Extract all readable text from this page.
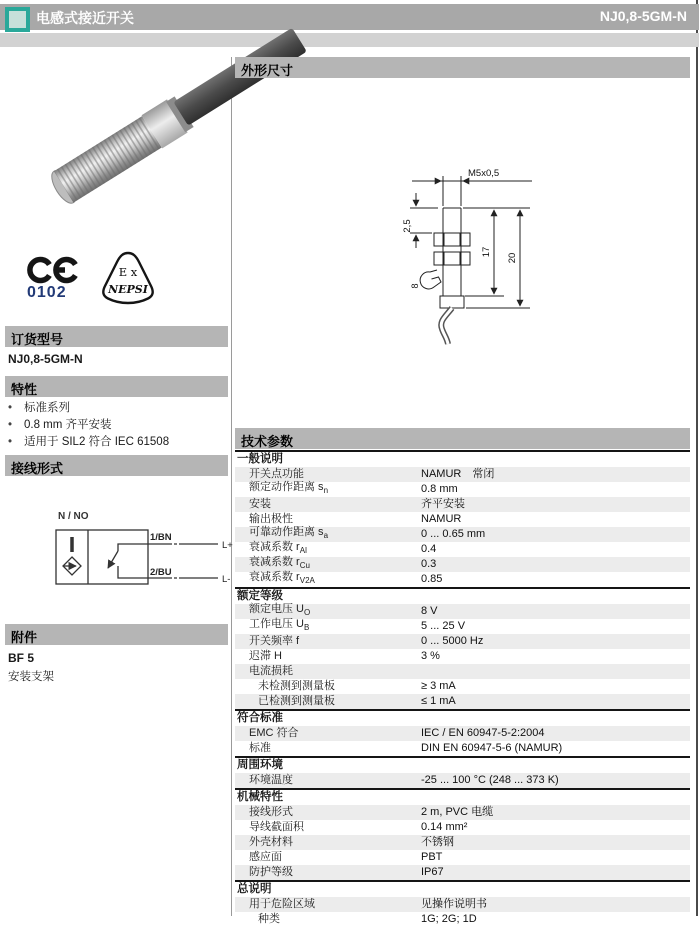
电感式接近开关	NJ0,8-5GM-N
0102
E x
NEPSI
订货型号
NJ0,8-5GM-N
特性
•	标准系列
•	0.8 mm 齐平安装
•	适用于 SIL2 符合 IEC 61508
接线形式
N / NO
1/BN
2/BU
L+
L-
附件
BF 5
安装支架
外形尺寸
M5x0,5
2,5
17
20
8
技术参数
一般说明
开关点功能	NAMUR　常闭
额定动作距离 $s_n$	0.8 mm
安装	齐平安装
输出极性	NAMUR
可靠动作距离 $s_a$	0 ... 0.65 mm
衰减系数 $r_{Al}$	0.4
衰减系数 $r_{Cu}$	0.3
衰减系数 $r_{V2A}$	0.85
额定等级
额定电压 $U_O$	8 V
工作电压 $U_B$	5 ... 25 V
开关频率 f	0 ... 5000 Hz
迟滞 H	3 %
电流损耗
未检测到测量板	≥ 3 mA
已检测到测量板	≤ 1 mA
符合标准
EMC 符合	IEC / EN 60947-5-2:2004
标准	DIN EN 60947-5-6 (NAMUR)
周围环境
环境温度	-25 ... 100 °C (248 ... 373 K)
机械特性
接线形式	2 m, PVC 电缆
导线截面积	0.14 mm²
外壳材料	不锈钢
感应面	PBT
防护等级	IP67
总说明
用于危险区域	见操作说明书
种类	1G; 2G; 1D
